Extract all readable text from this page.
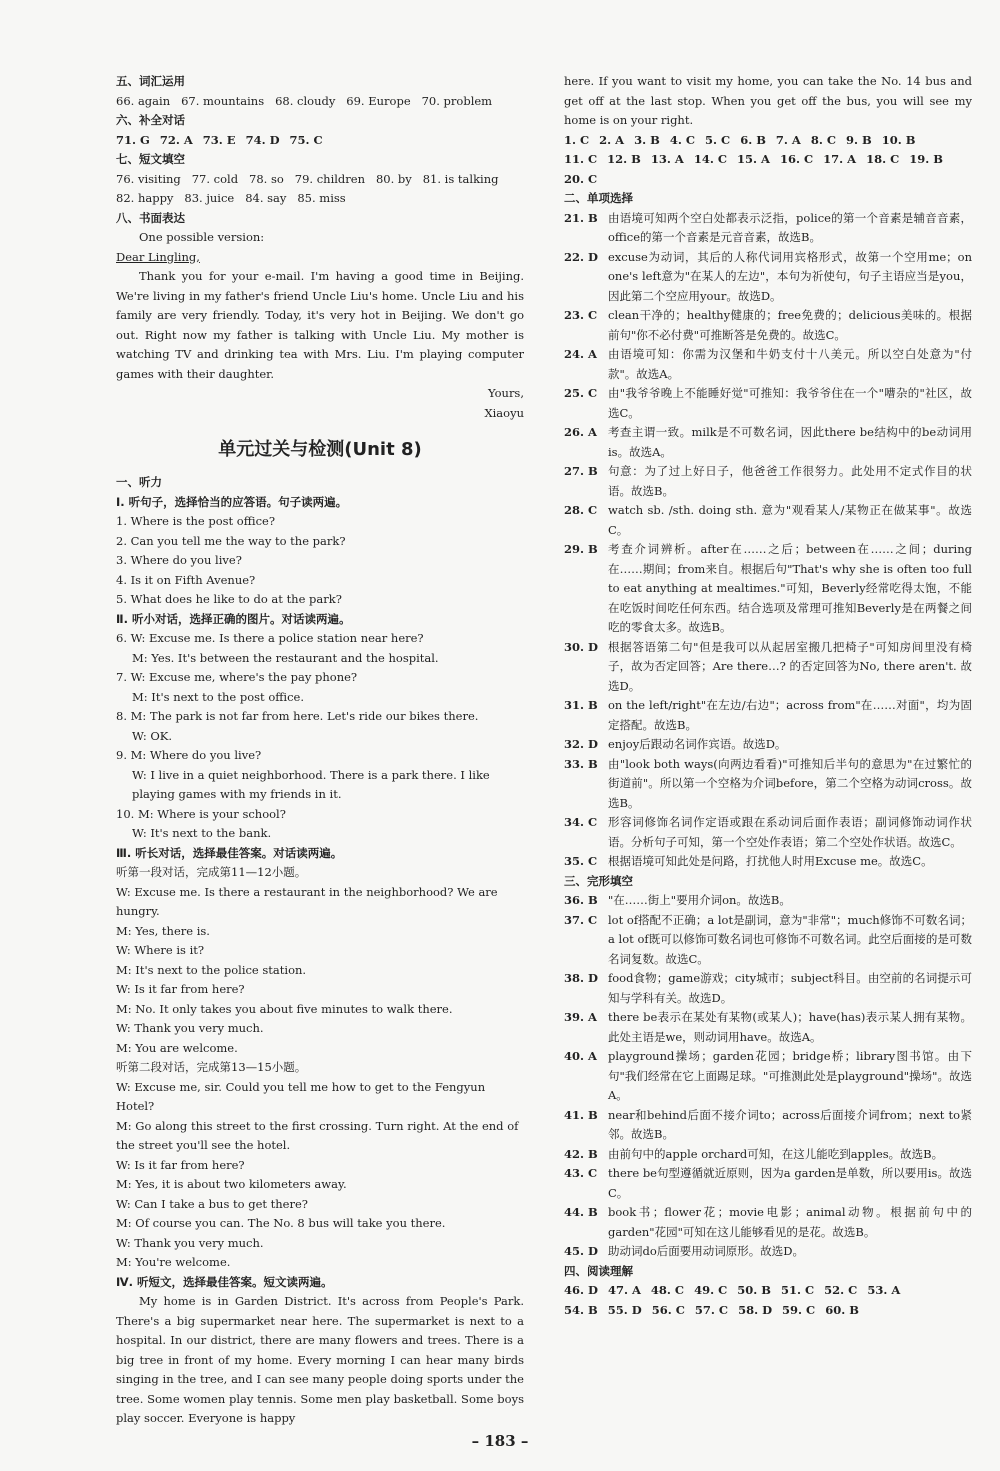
五、词汇运用
66. again   67. mountains   68. cloudy   69. Europe   70. problem
六、补全对话
71. G 72. A 73. E 74. D 75. C
七、短文填空
76. visiting   77. cold   78. so   79. children   80. by   81. is talking
82. happy   83. juice   84. say   85. miss
八、书面表达
One possible version:
Dear Lingling,
Thank you for your e-mail. I'm having a good time in Beijing. We're living in my father's friend Uncle Liu's home. Uncle Liu and his family are very friendly. Today, it's very hot in Beijing. We don't go out. Right now my father is talking with Uncle Liu. My mother is watching TV and drinking tea with Mrs. Liu. I'm playing computer games with their daughter.
Yours,
Xiaoyu
单元过关与检测(Unit 8)
一、听力
Ⅰ. 听句子，选择恰当的应答语。句子读两遍。
1. Where is the post office?
2. Can you tell me the way to the park?
3. Where do you live?
4. Is it on Fifth Avenue?
5. What does he like to do at the park?
Ⅱ. 听小对话，选择正确的图片。对话读两遍。
6. W: Excuse me. Is there a police station near here?
M: Yes. It's between the restaurant and the hospital.
7. W: Excuse me, where's the pay phone?
M: It's next to the post office.
8. M: The park is not far from here. Let's ride our bikes there.
W: OK.
9. M: Where do you live?
W: I live in a quiet neighborhood. There is a park there. I like playing games with my friends in it.
10. M: Where is your school?
W: It's next to the bank.
Ⅲ. 听长对话，选择最佳答案。对话读两遍。
听第一段对话，完成第11—12小题。
W: Excuse me. Is there a restaurant in the neighborhood? We are hungry.
M: Yes, there is.
W: Where is it?
M: It's next to the police station.
W: Is it far from here?
M: No. It only takes you about five minutes to walk there.
W: Thank you very much.
M: You are welcome.
听第二段对话，完成第13—15小题。
W: Excuse me, sir. Could you tell me how to get to the Fengyun Hotel?
M: Go along this street to the first crossing. Turn right. At the end of the street you'll see the hotel.
W: Is it far from here?
M: Yes, it is about two kilometers away.
W: Can I take a bus to get there?
M: Of course you can. The No. 8 bus will take you there.
W: Thank you very much.
M: You're welcome.
Ⅳ. 听短文，选择最佳答案。短文读两遍。
My home is in Garden District. It's across from People's Park. There's a big supermarket near here. The supermarket is next to a hospital. In our district, there are many flowers and trees. There is a big tree in front of my home. Every morning I can hear many birds singing in the tree, and I can see many people doing sports under the tree. Some women play tennis. Some men play basketball. Some boys play soccer. Everyone is happy
here. If you want to visit my home, you can take the No. 14 bus and get off at the last stop. When you get off the bus, you will see my home is on your right.
1. C 2. A 3. B 4. C 5. C 6. B 7. A 8. C 9. B 10. B
11. C 12. B 13. A 14. C 15. A 16. C 17. A 18. C 19. B
20. C
二、单项选择
21. B 由语境可知两个空白处都表示泛指，police的第一个音素是辅音音素，office的第一个音素是元音音素，故选B。
22. D excuse为动词，其后的人称代词用宾格形式，故第一个空用me；on one's left意为"在某人的左边"，本句为祈使句，句子主语应当是you，因此第二个空应用your。故选D。
23. C clean干净的；healthy健康的；free免费的；delicious美味的。根据前句"你不必付费"可推断答是免费的。故选C。
24. A 由语境可知：你需为汉堡和牛奶支付十八美元。所以空白处意为"付款"。故选A。
25. C 由"我爷爷晚上不能睡好觉"可推知：我爷爷住在一个"嘈杂的"社区，故选C。
26. A 考查主谓一致。milk是不可数名词，因此there be结构中的be动词用is。故选A。
27. B 句意：为了过上好日子，他爸爸工作很努力。此处用不定式作目的状语。故选B。
28. C watch sb. /sth. doing sth. 意为"观看某人/某物正在做某事"。故选C。
29. B 考查介词辨析。after在……之后；between在……之间；during在……期间；from来自。根据后句"That's why she is often too full to eat anything at mealtimes."可知，Beverly经常吃得太饱，不能在吃饭时间吃任何东西。结合选项及常理可推知Beverly是在两餐之间吃的零食太多。故选B。
30. D 根据答语第二句"但是我可以从起居室搬几把椅子"可知房间里没有椅子，故为否定回答；Are there…? 的否定回答为No, there aren't. 故选D。
31. B on the left/right"在左边/右边"；across from"在……对面"，均为固定搭配。故选B。
32. D enjoy后跟动名词作宾语。故选D。
33. B 由"look both ways(向两边看看)"可推知后半句的意思为"在过繁忙的街道前"。所以第一个空格为介词before，第二个空格为动词cross。故选B。
34. C 形容词修饰名词作定语或跟在系动词后面作表语；副词修饰动词作状语。分析句子可知，第一个空处作表语；第二个空处作状语。故选C。
35. C 根据语境可知此处是问路，打扰他人时用Excuse me。故选C。
三、完形填空
36. B "在……街上"要用介词on。故选B。
37. C lot of搭配不正确；a lot是副词，意为"非常"；much修饰不可数名词；a lot of既可以修饰可数名词也可修饰不可数名词。此空后面接的是可数名词复数。故选C。
38. D food食物；game游戏；city城市；subject科目。由空前的名词提示可知与学科有关。故选D。
39. A there be表示在某处有某物(或某人)；have(has)表示某人拥有某物。此处主语是we，则动词用have。故选A。
40. A playground操场；garden花园；bridge桥；library图书馆。由下句"我们经常在它上面踢足球。"可推测此处是playground"操场"。故选A。
41. B near和behind后面不接介词to；across后面接介词from；next to紧邻。故选B。
42. B 由前句中的apple orchard可知，在这儿能吃到apples。故选B。
43. C there be句型遵循就近原则，因为a garden是单数，所以要用is。故选C。
44. B book书；flower花；movie电影；animal动物。根据前句中的garden"花园"可知在这儿能够看见的是花。故选B。
45. D 助动词do后面要用动词原形。故选D。
四、阅读理解
46. D 47. A 48. C 49. C 50. B 51. C 52. C 53. A
54. B 55. D 56. C 57. C 58. D 59. C 60. B
– 183 –
